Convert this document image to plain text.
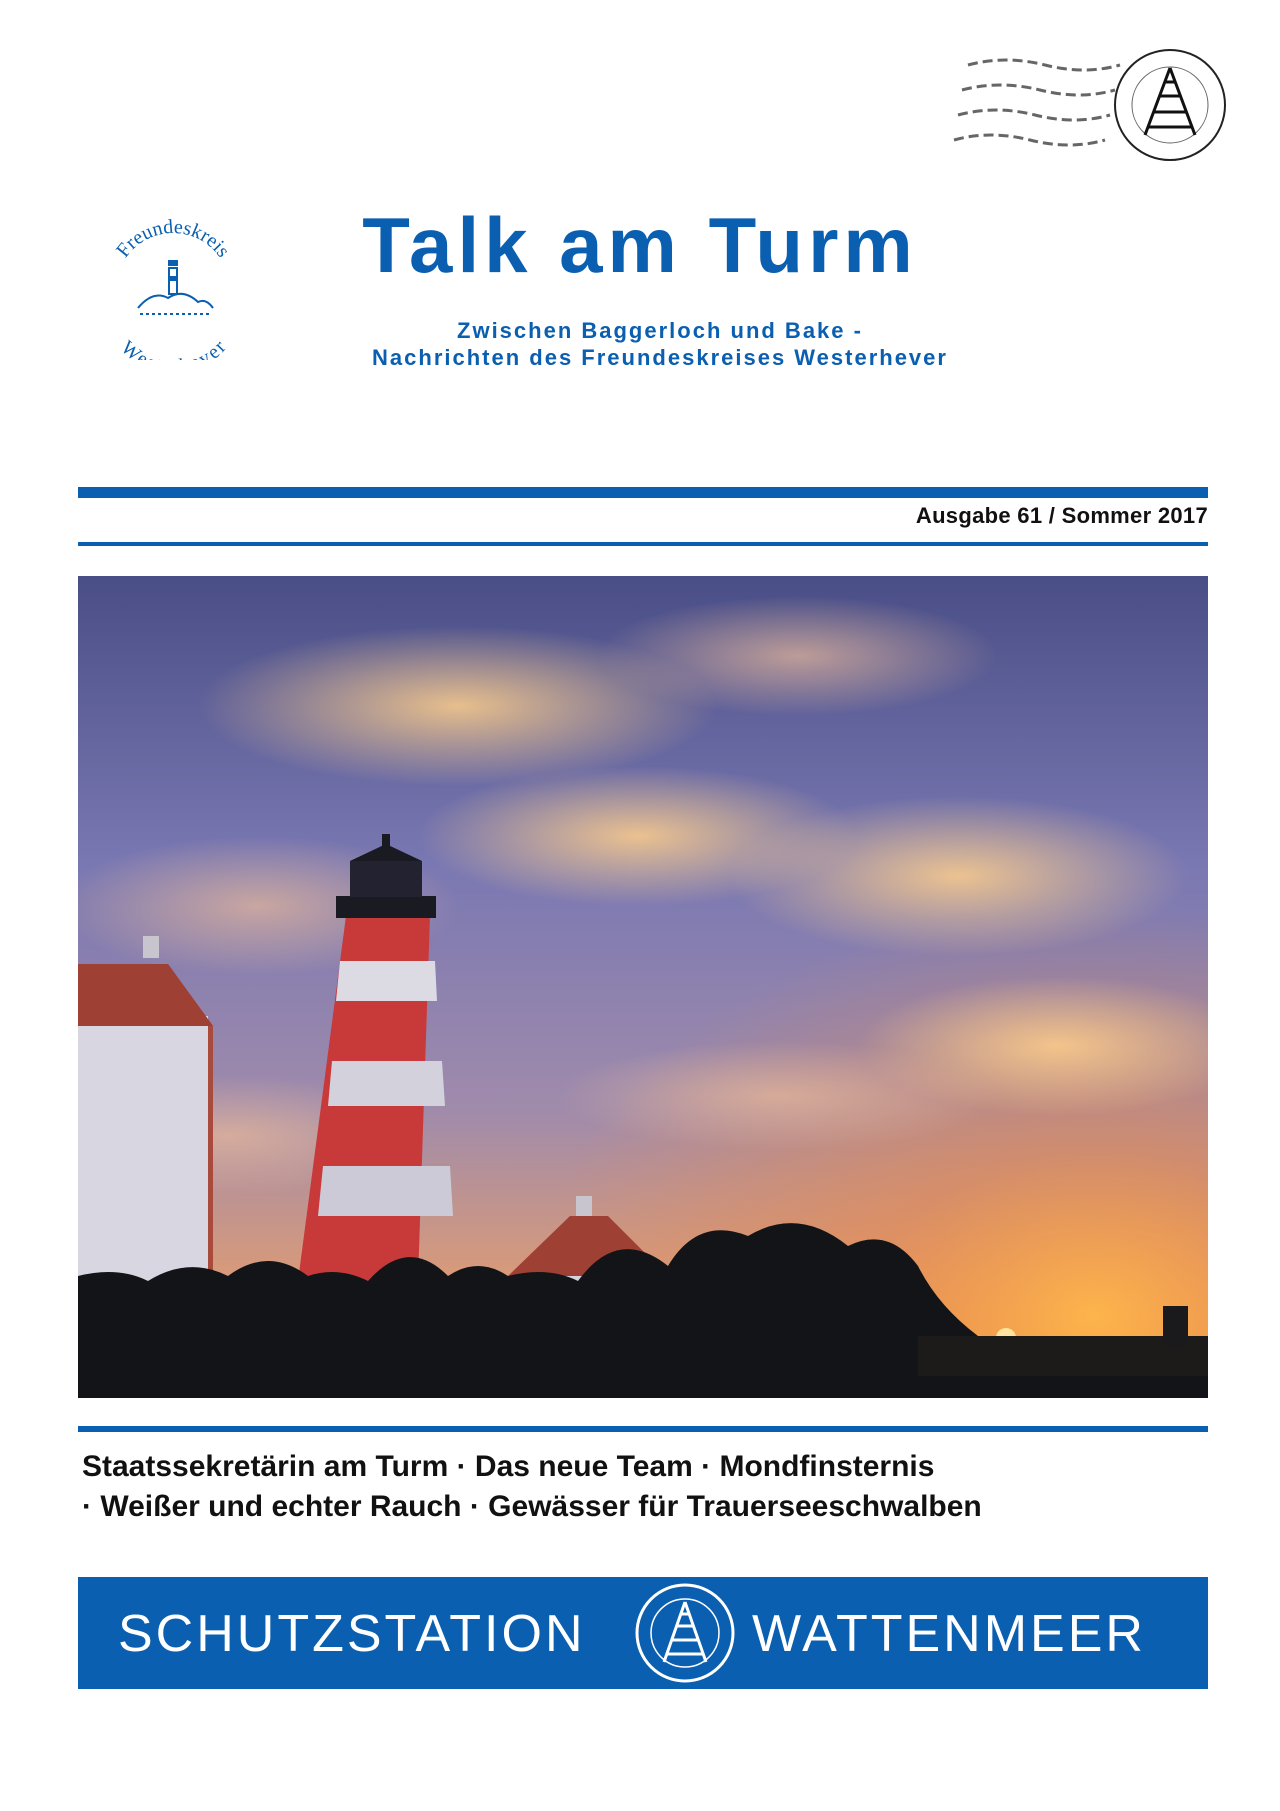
Freundeskreis
We ver
Talk am Turm
Zwischen Baggerloch und Bake -
Nachrichten des Freundeskreises Westerhever
Ausgabe 61 / Sommer 2017
Staatssekretärin am Turm · Das neue Team · Mondfinsternis
· Weißer und echter Rauch · Gewässer für Trauerseeschwalben
SCHUTZSTATION	WATTENMEER
